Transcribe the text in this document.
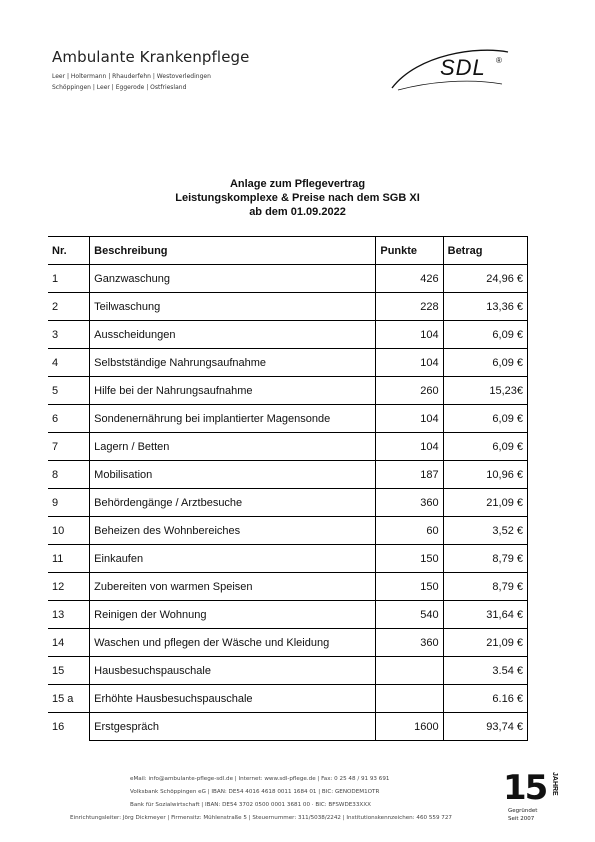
Ambulante Krankenpflege
Leer | Holtermann | Rhauderfehn | Westoverledingen
Schöppingen | Leer | Eggerode | Ostfriesland
SDL ®
Anlage zum Pflegevertrag
Leistungskomplexe & Preise nach dem SGB XI
ab dem 01.09.2022
Nr.	Beschreibung	Punkte	Betrag
1	Ganzwaschung	426	24,96 €
2	Teilwaschung	228	13,36 €
3	Ausscheidungen	104	6,09 €
4	Selbstständige Nahrungsaufnahme	104	6,09 €
5	Hilfe bei der Nahrungsaufnahme	260	15,23€
6	Sondenernährung bei implantierter Magensonde	104	6,09 €
7	Lagern / Betten	104	6,09 €
8	Mobilisation	187	10,96 €
9	Behördengänge / Arztbesuche	360	21,09 €
10	Beheizen des Wohnbereiches	60	3,52 €
11	Einkaufen	150	8,79 €
12	Zubereiten von warmen Speisen	150	8,79 €
13	Reinigen der Wohnung	540	31,64 €
14	Waschen und pflegen der Wäsche und Kleidung	360	21,09 €
15	Hausbesuchspauschale		3.54 €
15 a	Erhöhte Hausbesuchspauschale		6.16 €
16	Erstgespräch	1600	93,74 €
eMail: info@ambulante-pflege-sdl.de | Internet: www.sdl-pflege.de | Fax: 0 25 48 / 91 93 691
Volksbank Schöppingen eG | IBAN: DE54 4016 4618 0011 1684 01 | BIC: GENODEM1OTR
Bank für Sozialwirtschaft | IBAN: DE54 3702 0500 0001 3681 00 · BIC: BFSWDE33XXX
Einrichtungsleiter: Jörg Dickmeyer | Firmensitz: Mühlenstraße 5 | Steuernummer: 311/5038/2242 | Institutionskennzeichen: 460 559 727
15 JAHRE
Gegründet
Seit 2007
